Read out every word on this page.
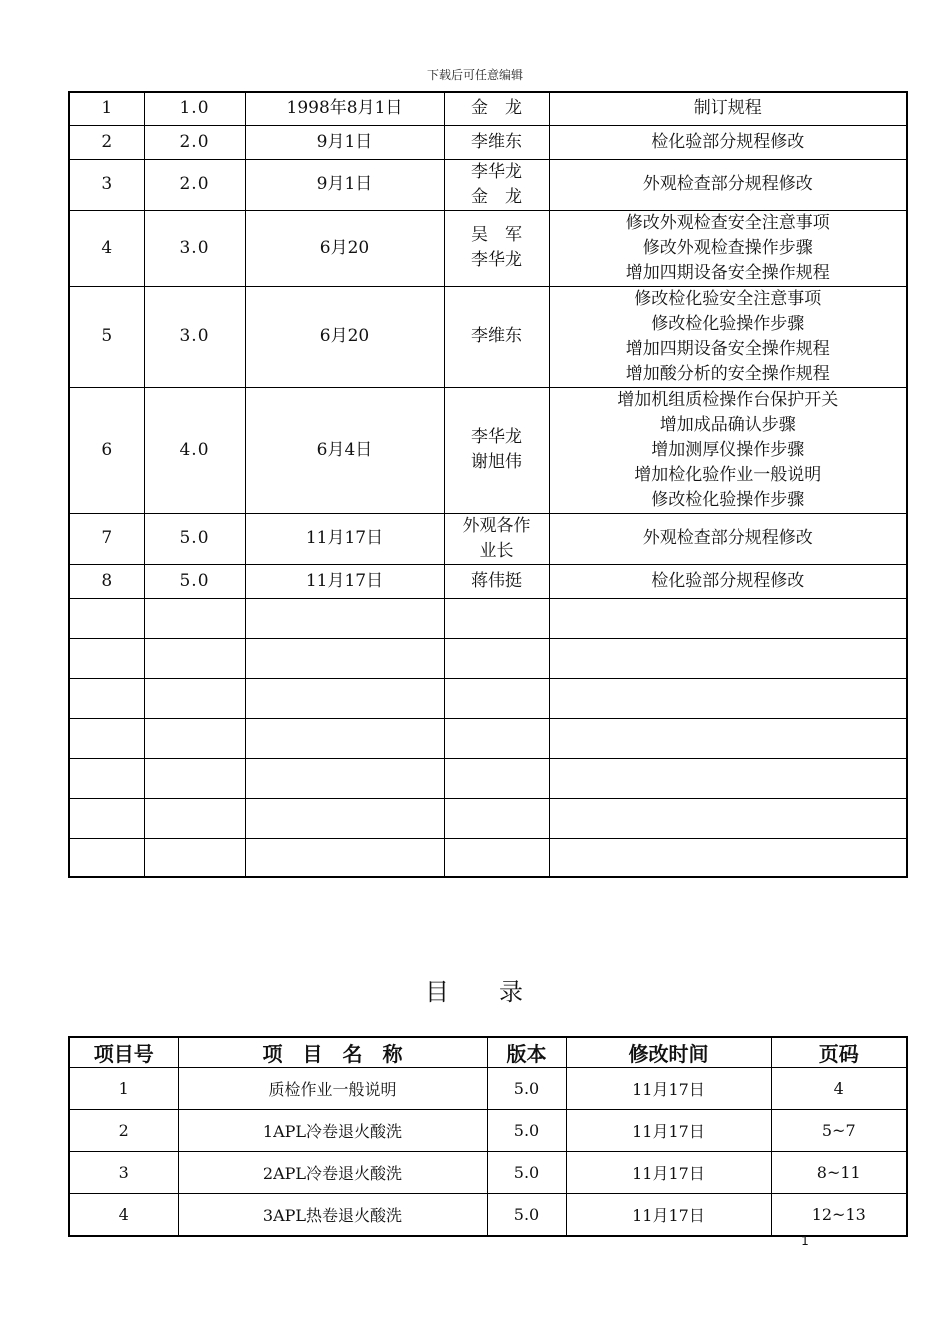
下载后可任意编辑
1	1.0	1998年8月1日	金　龙	制订规程

2	2.0	9月1日	李维东	检化验部分规程修改

3	2.0	9月1日	李华龙
金　龙	外观检查部分规程修改

4	3.0	6月20	吴　军
李华龙	修改外观检查安全注意事项
修改外观检查操作步骤
增加四期设备安全操作规程

5	3.0	6月20	李维东	修改检化验安全注意事项
修改检化验操作步骤
增加四期设备安全操作规程
增加酸分析的安全操作规程

6	4.0	6月4日	李华龙
谢旭伟	增加机组质检操作台保护开关
增加成品确认步骤
增加测厚仪操作步骤
增加检化验作业一般说明
修改检化验操作步骤

7	5.0	11月17日	外观各作
业长	外观检查部分规程修改

8	5.0	11月17日	蒋伟挺	检化验部分规程修改

目 录
项目号	项　目　名　称	版本	修改时间	页码
1	质检作业一般说明	5.0	11月17日	4
2	1APL冷卷退火酸洗	5.0	11月17日	5~7
3	2APL冷卷退火酸洗	5.0	11月17日	8~11
4	3APL热卷退火酸洗	5.0	11月17日	12~13
1
